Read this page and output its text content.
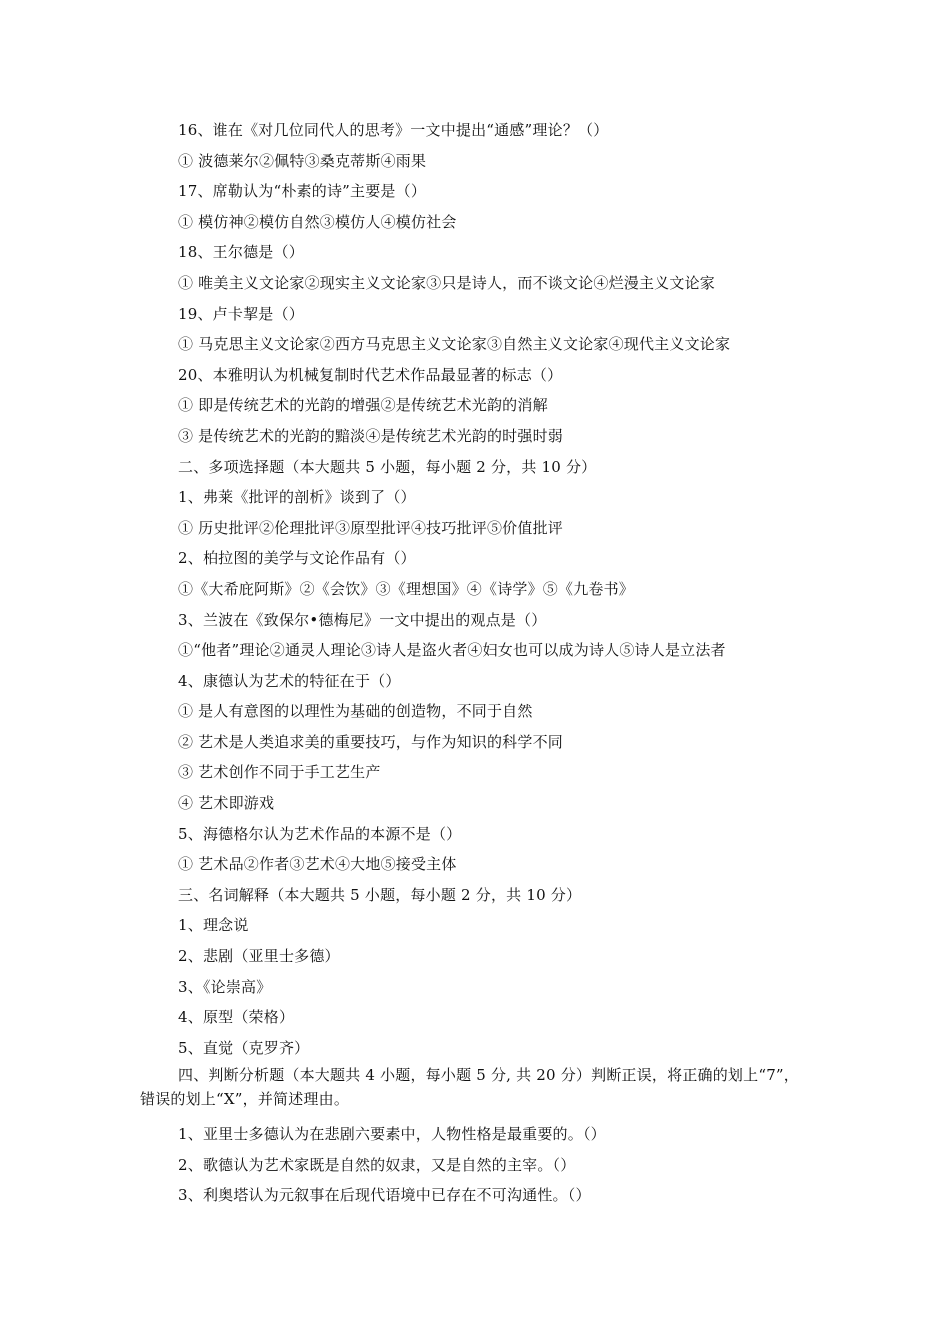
16、谁在《对几位同代人的思考》一文中提出“通感”理论？（）
① 波德莱尔②佩特③桑克蒂斯④雨果
17、席勒认为“朴素的诗”主要是（）
① 模仿神②模仿自然③模仿人④模仿社会
18、王尔德是（）
① 唯美主义文论家②现实主义文论家③只是诗人，而不谈文论④烂漫主义文论家
19、卢卡挈是（）
① 马克思主义文论家②西方马克思主义文论家③自然主义文论家④现代主义文论家
20、本雅明认为机械复制时代艺术作品最显著的标志（）
① 即是传统艺术的光韵的增强②是传统艺术光韵的消解
③ 是传统艺术的光韵的黯淡④是传统艺术光韵的时强时弱
二、多项选择题（本大题共 5 小题，每小题 2 分，共 10 分）
1、弗莱《批评的剖析》谈到了（）
① 历史批评②伦理批评③原型批评④技巧批评⑤价值批评
2、柏拉图的美学与文论作品有（）
①《大希庇阿斯》②《会饮》③《理想国》④《诗学》⑤《九卷书》
3、兰波在《致保尔•德梅尼》一文中提出的观点是（）
①“他者”理论②通灵人理论③诗人是盗火者④妇女也可以成为诗人⑤诗人是立法者
4、康德认为艺术的特征在于（）
① 是人有意图的以理性为基础的创造物，不同于自然
② 艺术是人类追求美的重要技巧，与作为知识的科学不同
③ 艺术创作不同于手工艺生产
④ 艺术即游戏
5、海德格尔认为艺术作品的本源不是（）
① 艺术品②作者③艺术④大地⑤接受主体
三、名词解释（本大题共 5 小题，每小题 2 分，共 10 分）
1、理念说
2、悲剧（亚里士多德）
3、《论崇高》
4、原型（荣格）
5、直觉（克罗齐）
四、判断分析题（本大题共 4 小题，每小题 5 分, 共 20 分）判断正误，将正确的划上“7”，错误的划上“X”，并简述理由。
1、亚里士多德认为在悲剧六要素中，人物性格是最重要的。（）
2、歌德认为艺术家既是自然的奴隶，又是自然的主宰。（）
3、利奥塔认为元叙事在后现代语境中已存在不可沟通性。（）
